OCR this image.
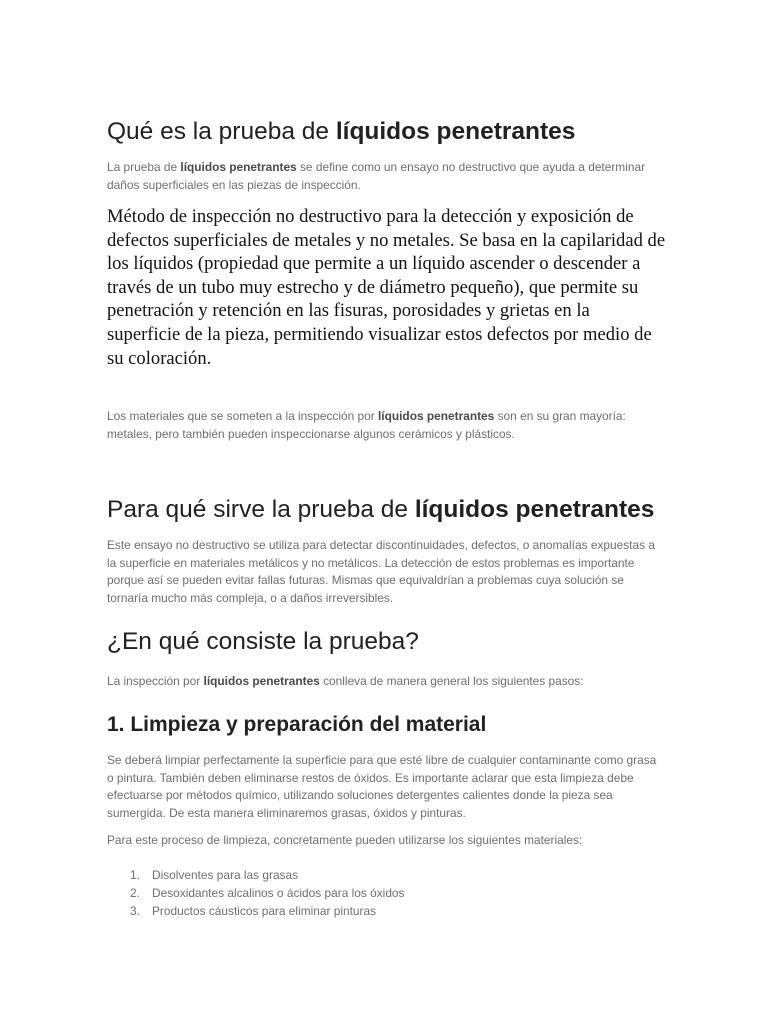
Qué es la prueba de líquidos penetrantes

La prueba de líquidos penetrantes se define como un ensayo no destructivo que ayuda a determinar daños superficiales en las piezas de inspección.

Método de inspección no destructivo para la detección y exposición de defectos superficiales de metales y no metales. Se basa en la capilaridad de los líquidos (propiedad que permite a un líquido ascender o descender a través de un tubo muy estrecho y de diámetro pequeño), que permite su penetración y retención en las fisuras, porosidades y grietas en la superficie de la pieza, permitiendo visualizar estos defectos por medio de su coloración.

Los materiales que se someten a la inspección por líquidos penetrantes son en su gran mayoría: metales, pero también pueden inspeccionarse algunos cerámicos y plásticos.

Para qué sirve la prueba de líquidos penetrantes

Este ensayo no destructivo se utiliza para detectar discontinuidades, defectos, o anomalías expuestas a la superficie en materiales metálicos y no metálicos. La detección de estos problemas es importante porque así se pueden evitar fallas futuras. Mismas que equivaldrían a problemas cuya solución se tornaría mucho más compleja, o a daños irreversibles.

¿En qué consiste la prueba?

La inspección por líquidos penetrantes conlleva de manera general los siguientes pasos:

1. Limpieza y preparación del material

Se deberá limpiar perfectamente la superficie para que esté libre de cualquier contaminante como grasa o pintura. También deben eliminarse restos de óxidos. Es importante aclarar que esta limpieza debe efectuarse por métodos químico, utilizando soluciones detergentes calientes donde la pieza sea sumergida. De esta manera eliminaremos grasas, óxidos y pinturas.

Para este proceso de limpieza, concretamente pueden utilizarse los siguientes materiales:

1. Disolventes para las grasas
2. Desoxidantes alcalinos o ácidos para los óxidos
3. Productos cáusticos para eliminar pinturas
